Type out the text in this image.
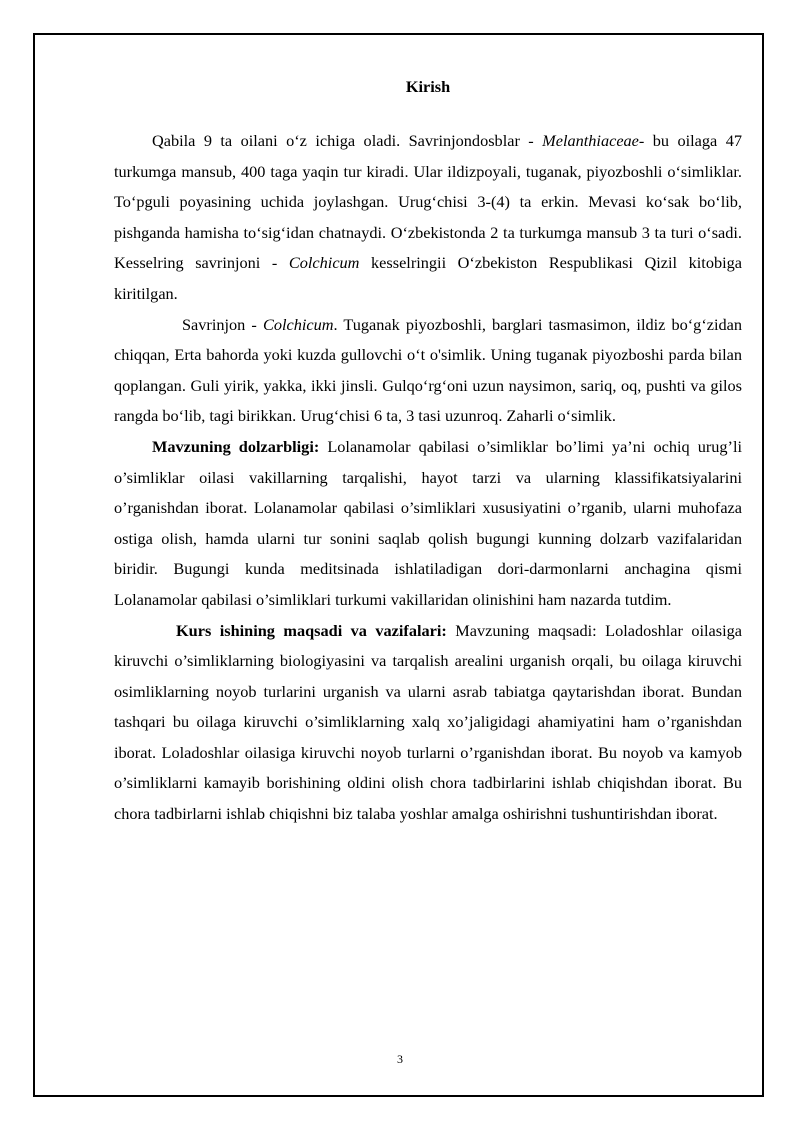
Kirish

Qabila 9 ta oilani o‘z ichiga oladi. Savrinjondosblar - Melanthiaceae- bu oilaga 47 turkumga mansub, 400 taga yaqin tur kiradi. Ular ildizpoyali, tuganak, piyozboshli o‘simliklar. To‘pguli poyasining uchida joylashgan. Urug‘chisi 3-(4) ta erkin. Mevasi ko‘sak bo‘lib, pishganda hamisha to‘sig‘idan chatnaydi. O‘zbekistonda 2 ta turkumga mansub 3 ta turi o‘sadi. Kesselring savrinjoni - Colchicum kesselringii O‘zbekiston Respublikasi Qizil kitobiga kiritilgan.

Savrinjon - Colchicum. Tuganak piyozboshli, barglari tasmasimon, ildiz bo‘g‘zidan chiqqan, Erta bahorda yoki kuzda gullovchi o‘t o'simlik. Uning tuganak piyozboshi parda bilan qoplangan. Guli yirik, yakka, ikki jinsli. Gulqo‘rg‘oni uzun naysimon, sariq, oq, pushti va gilos rangda bo‘lib, tagi birikkan. Urug‘chisi 6 ta, 3 tasi uzunroq. Zaharli o‘simlik.

Mavzuning dolzarbligi: Lolanamolar qabilasi o’simliklar bo’limi ya’ni ochiq urug’li o’simliklar oilasi vakillarning tarqalishi, hayot tarzi va ularning klassifikatsiyalarini o’rganishdan iborat. Lolanamolar qabilasi o’simliklari xususiyatini o’rganib, ularni muhofaza ostiga olish, hamda ularni tur sonini saqlab qolish bugungi kunning dolzarb vazifalaridan biridir. Bugungi kunda meditsinada ishlatiladigan dori-darmonlarni anchagina qismi Lolanamolar qabilasi o’simliklari turkumi vakillaridan olinishini ham nazarda tutdim.

Kurs ishining maqsadi va vazifalari: Mavzuning maqsadi: Loladoshlar oilasiga kiruvchi o’simliklarning biologiyasini va tarqalish arealini urganish orqali, bu oilaga kiruvchi osimliklarning noyob turlarini urganish va ularni asrab tabiatga qaytarishdan iborat. Bundan tashqari bu oilaga kiruvchi o’simliklarning xalq xo’jaligidagi ahamiyatini ham o’rganishdan iborat. Loladoshlar oilasiga kiruvchi noyob turlarni o’rganishdan iborat. Bu noyob va kamyob o’simliklarni kamayib borishining oldini olish chora tadbirlarini ishlab chiqishdan iborat. Bu chora tadbirlarni ishlab chiqishni biz talaba yoshlar amalga oshirishni tushuntirishdan iborat.

3
